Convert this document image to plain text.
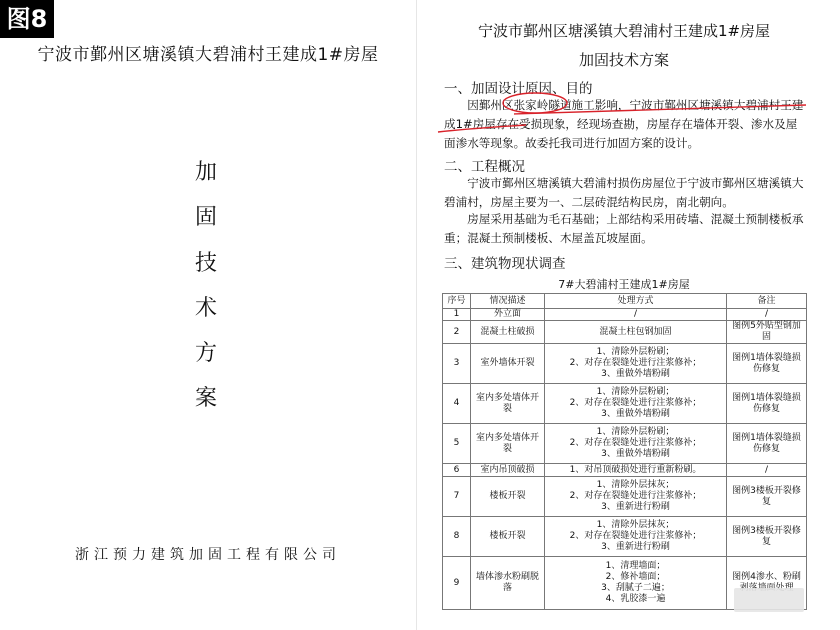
图8
宁波市鄞州区塘溪镇大碧浦村王建成1#房屋
加
固
技
术
方
案
浙江预力建筑加固工程有限公司
宁波市鄞州区塘溪镇大碧浦村王建成1#房屋
加固技术方案
一、加固设计原因、目的

因鄞州区张家岭隧道施工影响，宁波市鄞州区塘溪镇大碧浦村王建成1#房屋存在受损现象，经现场查勘，房屋存在墙体开裂、渗水及屋面渗水等现象。故委托我司进行加固方案的设计。

二、工程概况

宁波市鄞州区塘溪镇大碧浦村损伤房屋位于宁波市鄞州区塘溪镇大碧浦村，房屋主要为一、二层砖混结构民房，南北朝向。

房屋采用基础为毛石基础；上部结构采用砖墙、混凝土预制楼板承重；混凝土预制楼板、木屋盖瓦坡屋面。

三、建筑物现状调查
7#大碧浦村王建成1#房屋
序号	情况描述	处理方式	备注
1	外立面	/	/
2	混凝土柱破损	混凝土柱包钢加固	图例5外贴型钢加固
3	室外墙体开裂	1、清除外层粉刷；
2、对存在裂缝处进行注浆修补；
3、重做外墙粉刷	图例1墙体裂缝损伤修复
4	室内多处墙体开裂	1、清除外层粉刷；
2、对存在裂缝处进行注浆修补；
3、重做外墙粉刷	图例1墙体裂缝损伤修复
5	室内多处墙体开裂	1、清除外层粉刷；
2、对存在裂缝处进行注浆修补；
3、重做外墙粉刷	图例1墙体裂缝损伤修复
6	室内吊顶破损	1、对吊顶破损处进行重新粉刷。	/
7	楼板开裂	1、清除外层抹灰；
2、对存在裂缝处进行注浆修补；
3、重新进行粉刷	图例3楼板开裂修复
8	楼板开裂	1、清除外层抹灰；
2、对存在裂缝处进行注浆修补；
3、重新进行粉刷	图例3楼板开裂修复
9	墙体渗水粉刷脱落	1、清理墙面；
2、修补墙面；
3、刮腻子二遍；
4、乳胶漆一遍	图例4渗水、粉刷
